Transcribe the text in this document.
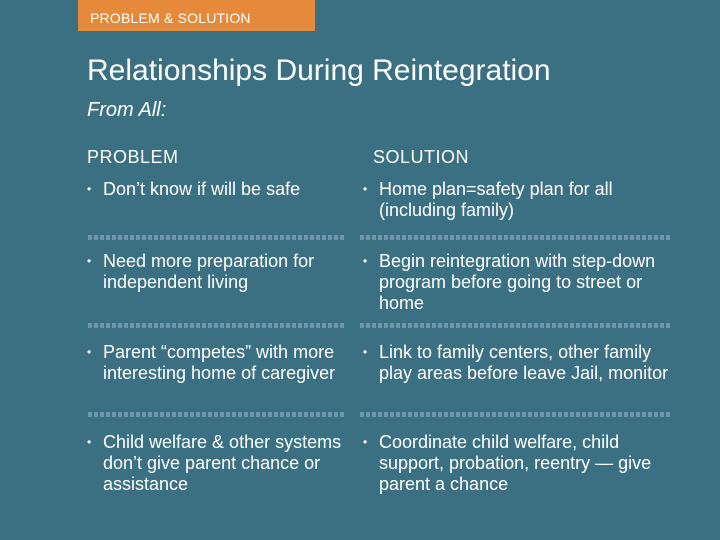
PROBLEM & SOLUTION
Relationships During Reintegration
From All:
PROBLEM	SOLUTION
• Don’t know if will be safe	• Home plan=safety plan for all (including family)
• Need more preparation for independent living
• Begin reintegration with step-down program before going to street or home
• Parent “competes” with more interesting home of caregiver
• Link to family centers, other family play areas before leave Jail, monitor
• Child welfare & other systems don’t give parent chance or assistance
• Coordinate child welfare, child support, probation, reentry — give parent a chance
